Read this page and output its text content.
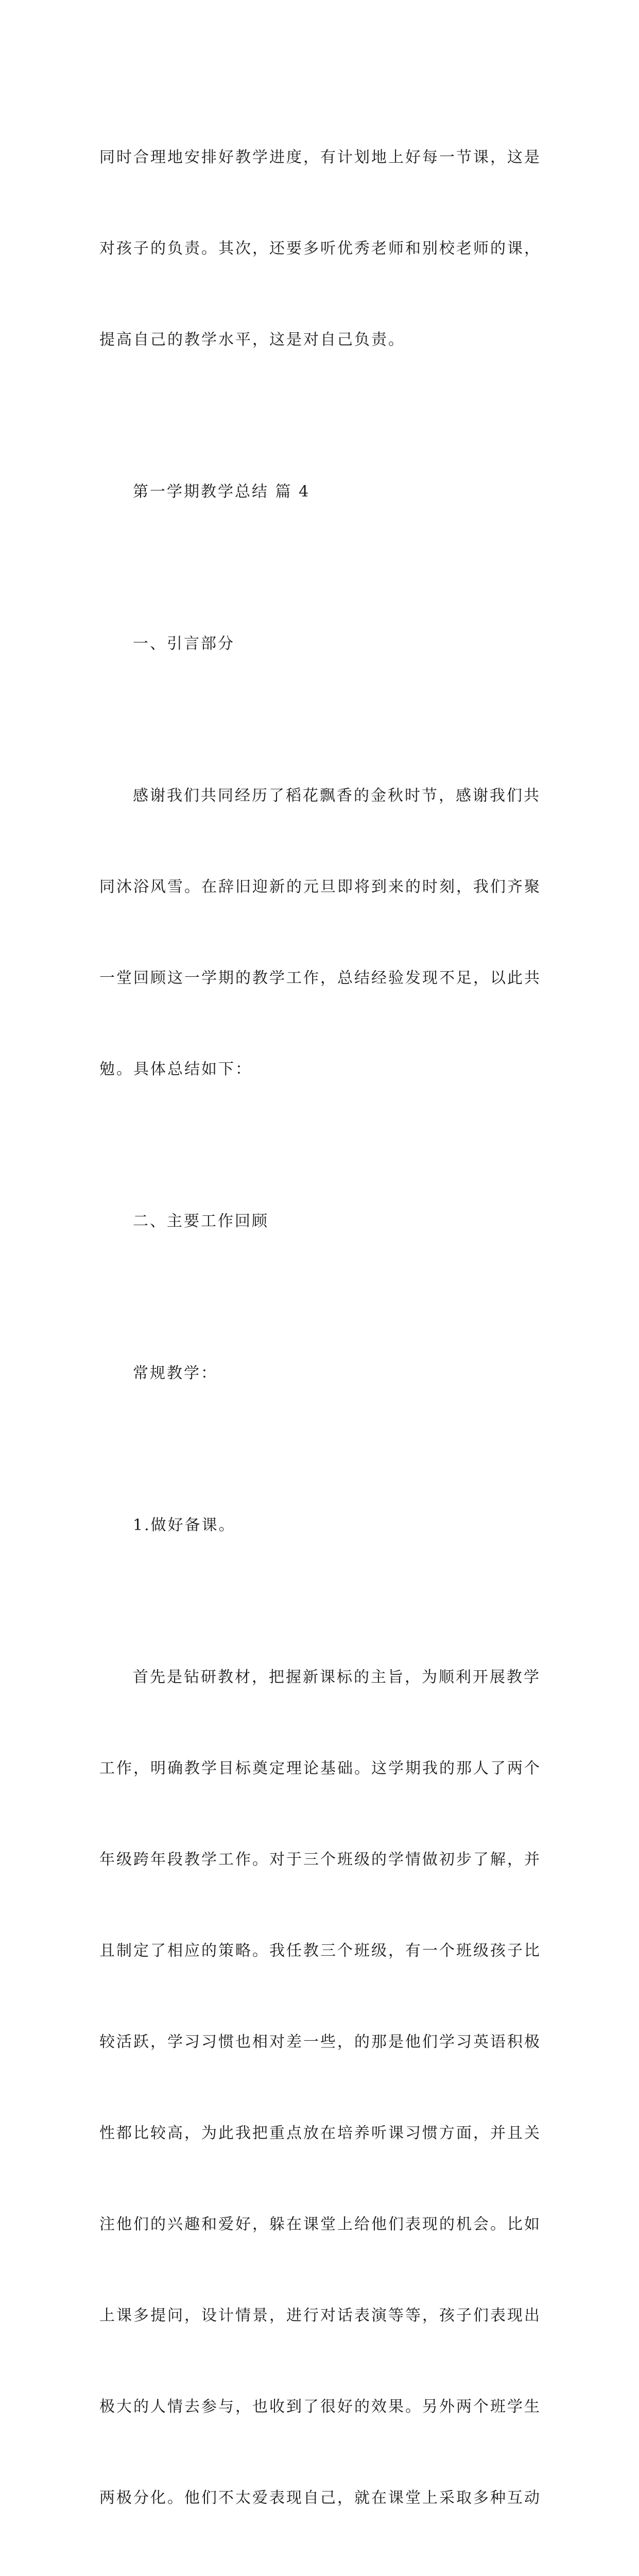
同时合理地安排好教学进度，有计划地上好每一节课，这是

对孩子的负责。其次，还要多听优秀老师和别校老师的课，

提高自己的教学水平，这是对自己负责。

第一学期教学总结 篇 4

一、引言部分

感谢我们共同经历了稻花飘香的金秋时节，感谢我们共

同沐浴风雪。在辞旧迎新的元旦即将到来的时刻，我们齐聚

一堂回顾这一学期的教学工作，总结经验发现不足，以此共

勉。具体总结如下：

二、主要工作回顾

常规教学：

1.做好备课。

首先是钻研教材，把握新课标的主旨，为顺利开展教学

工作，明确教学目标奠定理论基础。这学期我的那人了两个

年级跨年段教学工作。对于三个班级的学情做初步了解，并

且制定了相应的策略。我任教三个班级，有一个班级孩子比

较活跃，学习习惯也相对差一些，的那是他们学习英语积极

性都比较高，为此我把重点放在培养听课习惯方面，并且关

注他们的兴趣和爱好，躲在课堂上给他们表现的机会。比如

上课多提问，设计情景，进行对话表演等等，孩子们表现出

极大的人情去参与，也收到了很好的效果。另外两个班学生

两极分化。他们不太爱表现自己，就在课堂上采取多种互动
